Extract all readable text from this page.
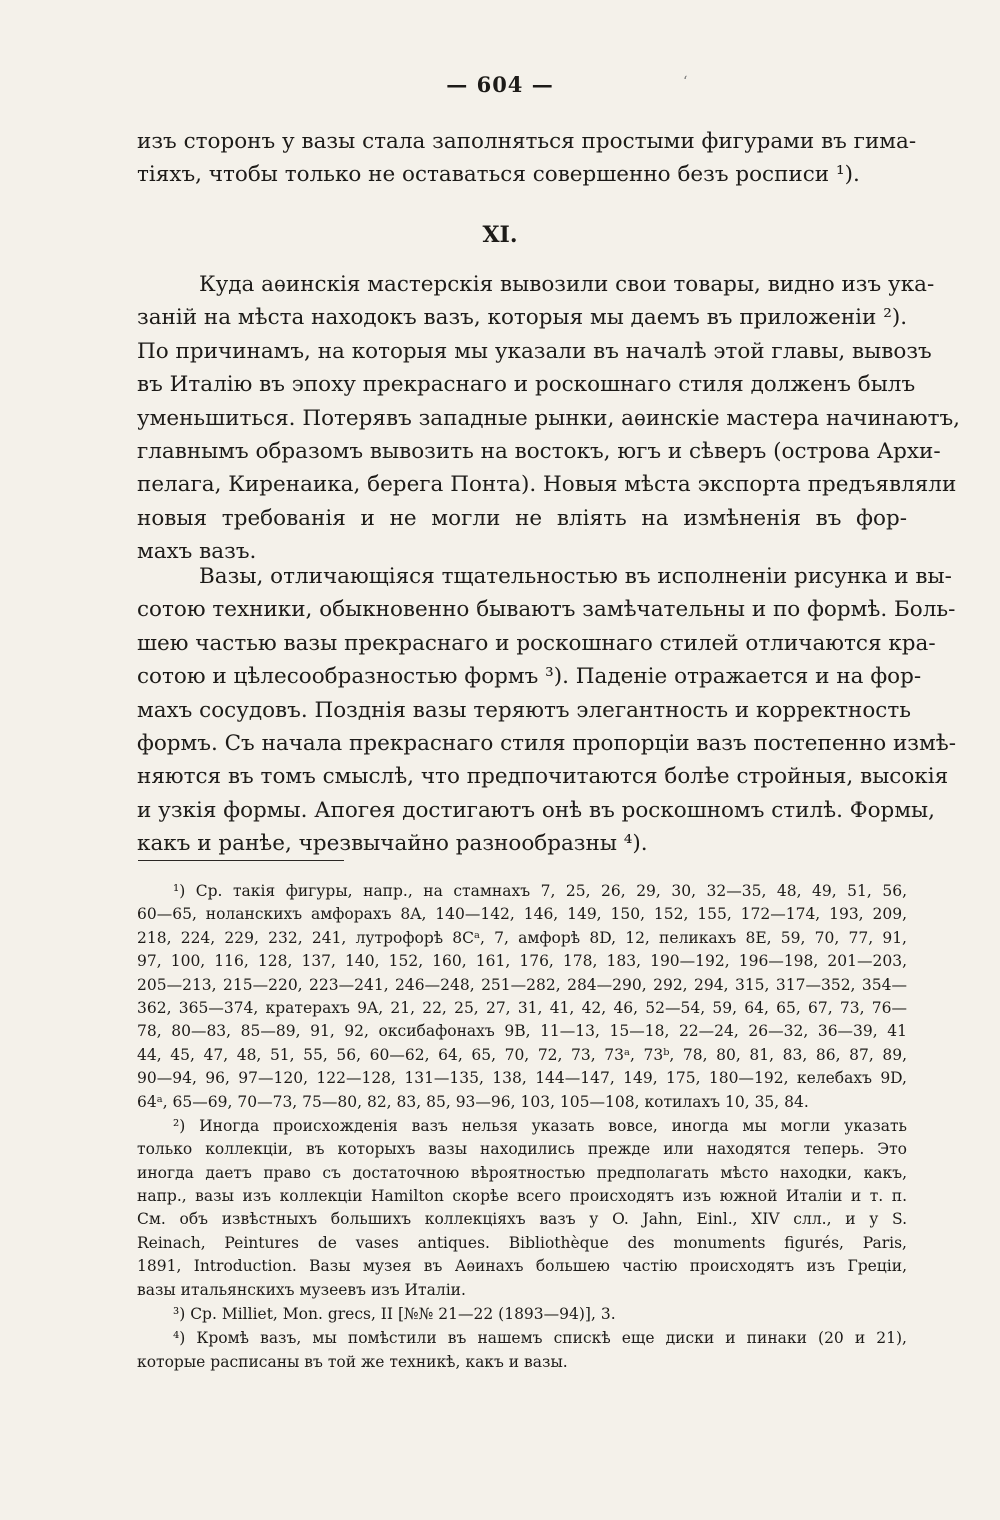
— 604 —	ʻ
изъ сторонъ у вазы стала заполняться простыми фигурами въ гима-
тіяхъ, чтобы только не оставаться совершенно безъ росписи ¹).
XI.
Куда аѳинскія мастерскія вывозили свои товары, видно изъ ука-
заній на мѣста находокъ вазъ, которыя мы даемъ въ приложеніи ²).
По причинамъ, на которыя мы указали въ началѣ этой главы, вывозъ
въ Италію въ эпоху прекраснаго и роскошнаго стиля долженъ былъ
уменьшиться. Потерявъ западные рынки, аѳинскіе мастера начинаютъ,
главнымъ образомъ вывозить на востокъ, югъ и сѣверъ (острова Архи-
пелага, Киренаика, берега Понта). Новыя мѣста экспорта предъявляли
новыя требованія и не могли не вліять на измѣненія въ фор-
махъ вазъ.
Вазы, отличающіяся тщательностью въ исполненіи рисунка и вы-
сотою техники, обыкновенно бываютъ замѣчательны и по формѣ. Боль-
шею частью вазы прекраснаго и роскошнаго стилей отличаются кра-
сотою и цѣлесообразностью формъ ³). Паденіе отражается и на фор-
махъ сосудовъ. Позднія вазы теряютъ элегантность и корректность
формъ. Съ начала прекраснаго стиля пропорціи вазъ постепенно измѣ-
няются въ томъ смыслѣ, что предпочитаются болѣе стройныя, высокія
и узкія формы. Апогея достигаютъ онѣ въ роскошномъ стилѣ. Формы,
какъ и ранѣе, чрезвычайно разнообразны ⁴).
¹) Ср. такія фигуры, напр., на стамнахъ 7, 25, 26, 29, 30, 32—35, 48, 49, 51, 56,
60—65, ноланскихъ амфорахъ 8A, 140—142, 146, 149, 150, 152, 155, 172—174, 193, 209,
218, 224, 229, 232, 241, лутрофорѣ 8Cᵃ, 7, амфорѣ 8D, 12, пеликахъ 8E, 59, 70, 77, 91,
97, 100, 116, 128, 137, 140, 152, 160, 161, 176, 178, 183, 190—192, 196—198, 201—203,
205—213, 215—220, 223—241, 246—248, 251—282, 284—290, 292, 294, 315, 317—352, 354—
362, 365—374, кратерахъ 9A, 21, 22, 25, 27, 31, 41, 42, 46, 52—54, 59, 64, 65, 67, 73, 76—
78, 80—83, 85—89, 91, 92, оксибафонахъ 9B, 11—13, 15—18, 22—24, 26—32, 36—39, 41
44, 45, 47, 48, 51, 55, 56, 60—62, 64, 65, 70, 72, 73, 73ᵃ, 73ᵇ, 78, 80, 81, 83, 86, 87, 89,
90—94, 96, 97—120, 122—128, 131—135, 138, 144—147, 149, 175, 180—192, келебахъ 9D,
64ᵃ, 65—69, 70—73, 75—80, 82, 83, 85, 93—96, 103, 105—108, котилахъ 10, 35, 84.
²) Иногда происхожденія вазъ нельзя указать вовсе, иногда мы могли указать
только коллекціи, въ которыхъ вазы находились прежде или находятся теперь. Это
иногда даетъ право съ достаточною вѣроятностью предполагать мѣсто находки, какъ,
напр., вазы изъ коллекціи Hamilton скорѣе всего происходятъ изъ южной Италіи и т. п.
См. объ извѣстныхъ большихъ коллекціяхъ вазъ у O. Jahn, Einl., XIV слл., и у S.
Reinach, Peintures de vases antiques. Bibliothèque des monuments figurés, Paris,
1891, Introduction. Вазы музея въ Аѳинахъ большею частію происходятъ изъ Греціи,
вазы итальянскихъ музеевъ изъ Италіи.
³) Ср. Milliet, Mon. grecs, II [№№ 21—22 (1893—94)], 3.
⁴) Кромѣ вазъ, мы помѣстили въ нашемъ спискѣ еще диски и пинаки (20 и 21),
которые расписаны въ той же техникѣ, какъ и вазы.
